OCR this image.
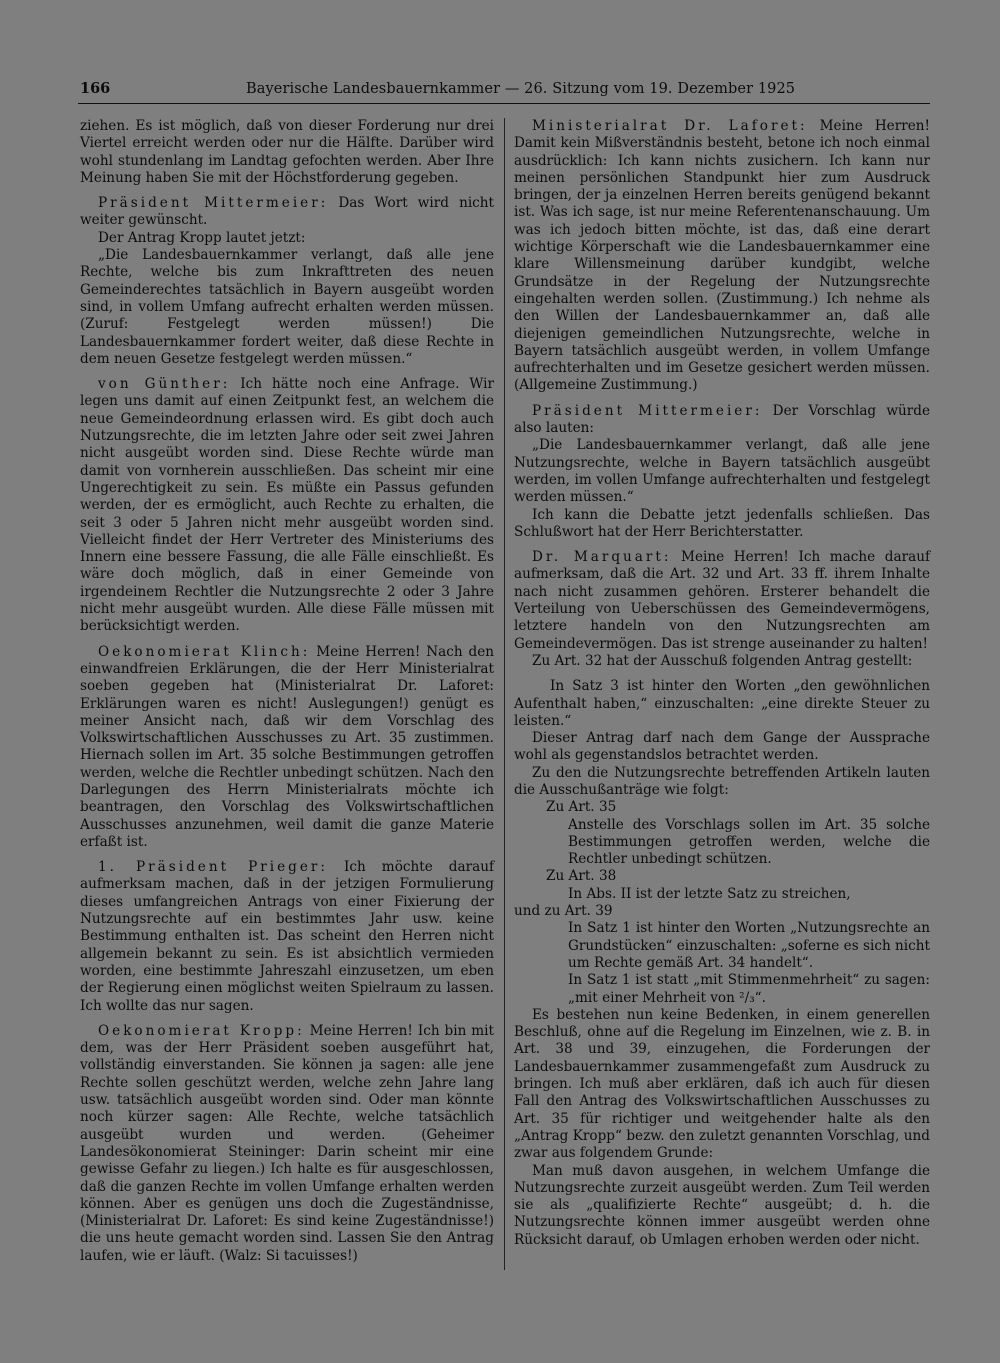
166	Bayerische Landesbauernkammer — 26. Sitzung vom 19. Dezember 1925

ziehen. Es ist möglich, daß von dieser Forderung nur drei Viertel erreicht werden oder nur die Hälfte. Darüber wird wohl stundenlang im Landtag gefochten werden. Aber Ihre Meinung haben Sie mit der Höchstforderung gegeben.

Präsident Mittermeier: Das Wort wird nicht weiter gewünscht.

Der Antrag Kropp lautet jetzt:

„Die Landesbauernkammer verlangt, daß alle jene Rechte, welche bis zum Inkrafttreten des neuen Gemeinderechtes tatsächlich in Bayern ausgeübt worden sind, in vollem Umfang aufrecht erhalten werden müssen. (Zuruf: Festgelegt werden müssen!) Die Landesbauernkammer fordert weiter, daß diese Rechte in dem neuen Gesetze festgelegt werden müssen.“

von Günther: Ich hätte noch eine Anfrage. Wir legen uns damit auf einen Zeitpunkt fest, an welchem die neue Gemeindeordnung erlassen wird. Es gibt doch auch Nutzungsrechte, die im letzten Jahre oder seit zwei Jahren nicht ausgeübt worden sind. Diese Rechte würde man damit von vornherein ausschließen. Das scheint mir eine Ungerechtigkeit zu sein. Es müßte ein Passus gefunden werden, der es ermöglicht, auch Rechte zu erhalten, die seit 3 oder 5 Jahren nicht mehr ausgeübt worden sind. Vielleicht findet der Herr Vertreter des Ministeriums des Innern eine bessere Fassung, die alle Fälle einschließt. Es wäre doch möglich, daß in einer Gemeinde von irgendeinem Rechtler die Nutzungsrechte 2 oder 3 Jahre nicht mehr ausgeübt wurden. Alle diese Fälle müssen mit berücksichtigt werden.

Oekonomierat Klinch: Meine Herren! Nach den einwandfreien Erklärungen, die der Herr Ministerialrat soeben gegeben hat (Ministerialrat Dr. Laforet: Erklärungen waren es nicht! Auslegungen!) genügt es meiner Ansicht nach, daß wir dem Vorschlag des Volkswirtschaftlichen Ausschusses zu Art. 35 zustimmen. Hiernach sollen im Art. 35 solche Bestimmungen getroffen werden, welche die Rechtler unbedingt schützen. Nach den Darlegungen des Herrn Ministerialrats möchte ich beantragen, den Vorschlag des Volkswirtschaftlichen Ausschusses anzunehmen, weil damit die ganze Materie erfaßt ist.

1. Präsident Prieger: Ich möchte darauf aufmerksam machen, daß in der jetzigen Formulierung dieses umfangreichen Antrags von einer Fixierung der Nutzungsrechte auf ein bestimmtes Jahr usw. keine Bestimmung enthalten ist. Das scheint den Herren nicht allgemein bekannt zu sein. Es ist absichtlich vermieden worden, eine bestimmte Jahreszahl einzusetzen, um eben der Regierung einen möglichst weiten Spielraum zu lassen. Ich wollte das nur sagen.

Oekonomierat Kropp: Meine Herren! Ich bin mit dem, was der Herr Präsident soeben ausgeführt hat, vollständig einverstanden. Sie können ja sagen: alle jene Rechte sollen geschützt werden, welche zehn Jahre lang usw. tatsächlich ausgeübt worden sind. Oder man könnte noch kürzer sagen: Alle Rechte, welche tatsächlich ausgeübt wurden und werden. (Geheimer Landesökonomierat Steininger: Darin scheint mir eine gewisse Gefahr zu liegen.) Ich halte es für ausgeschlossen, daß die ganzen Rechte im vollen Umfange erhalten werden können. Aber es genügen uns doch die Zugeständnisse, (Ministerialrat Dr. Laforet: Es sind keine Zugeständnisse!) die uns heute gemacht worden sind. Lassen Sie den Antrag laufen, wie er läuft. (Walz: Si tacuisses!)

Ministerialrat Dr. Laforet: Meine Herren! Damit kein Mißverständnis besteht, betone ich noch einmal ausdrücklich: Ich kann nichts zusichern. Ich kann nur meinen persönlichen Standpunkt hier zum Ausdruck bringen, der ja einzelnen Herren bereits genügend bekannt ist. Was ich sage, ist nur meine Referentenanschauung. Um was ich jedoch bitten möchte, ist das, daß eine derart wichtige Körperschaft wie die Landesbauernkammer eine klare Willensmeinung darüber kundgibt, welche Grundsätze in der Regelung der Nutzungsrechte eingehalten werden sollen. (Zustimmung.) Ich nehme als den Willen der Landesbauernkammer an, daß alle diejenigen gemeindlichen Nutzungsrechte, welche in Bayern tatsächlich ausgeübt werden, in vollem Umfange aufrechterhalten und im Gesetze gesichert werden müssen. (Allgemeine Zustimmung.)

Präsident Mittermeier: Der Vorschlag würde also lauten:

„Die Landesbauernkammer verlangt, daß alle jene Nutzungsrechte, welche in Bayern tatsächlich ausgeübt werden, im vollen Umfange aufrechterhalten und festgelegt werden müssen.“

Ich kann die Debatte jetzt jedenfalls schließen. Das Schlußwort hat der Herr Berichterstatter.

Dr. Marquart: Meine Herren! Ich mache darauf aufmerksam, daß die Art. 32 und Art. 33 ff. ihrem Inhalte nach nicht zusammen gehören. Ersterer behandelt die Verteilung von Ueberschüssen des Gemeindevermögens, letztere handeln von den Nutzungsrechten am Gemeindevermögen. Das ist strenge auseinander zu halten!

Zu Art. 32 hat der Ausschuß folgenden Antrag gestellt:

In Satz 3 ist hinter den Worten „den gewöhnlichen Aufenthalt haben,“ einzuschalten: „eine direkte Steuer zu leisten.“

Dieser Antrag darf nach dem Gange der Aussprache wohl als gegenstandslos betrachtet werden.

Zu den die Nutzungsrechte betreffenden Artikeln lauten die Ausschußanträge wie folgt:

Zu Art. 35

Anstelle des Vorschlags sollen im Art. 35 solche Bestimmungen getroffen werden, welche die Rechtler unbedingt schützen.

Zu Art. 38

In Abs. II ist der letzte Satz zu streichen,

und zu Art. 39

In Satz 1 ist hinter den Worten „Nutzungsrechte an Grundstücken“ einzuschalten: „soferne es sich nicht um Rechte gemäß Art. 34 handelt“.

In Satz 1 ist statt „mit Stimmenmehrheit“ zu sagen: „mit einer Mehrheit von ²/₃“.

Es bestehen nun keine Bedenken, in einem generellen Beschluß, ohne auf die Regelung im Einzelnen, wie z. B. in Art. 38 und 39, einzugehen, die Forderungen der Landesbauernkammer zusammengefaßt zum Ausdruck zu bringen. Ich muß aber erklären, daß ich auch für diesen Fall den Antrag des Volkswirtschaftlichen Ausschusses zu Art. 35 für richtiger und weitgehender halte als den „Antrag Kropp“ bezw. den zuletzt genannten Vorschlag, und zwar aus folgendem Grunde:

Man muß davon ausgehen, in welchem Umfange die Nutzungsrechte zurzeit ausgeübt werden. Zum Teil werden sie als „qualifizierte Rechte“ ausgeübt; d. h. die Nutzungsrechte können immer ausgeübt werden ohne Rücksicht darauf, ob Umlagen erhoben werden oder nicht.
